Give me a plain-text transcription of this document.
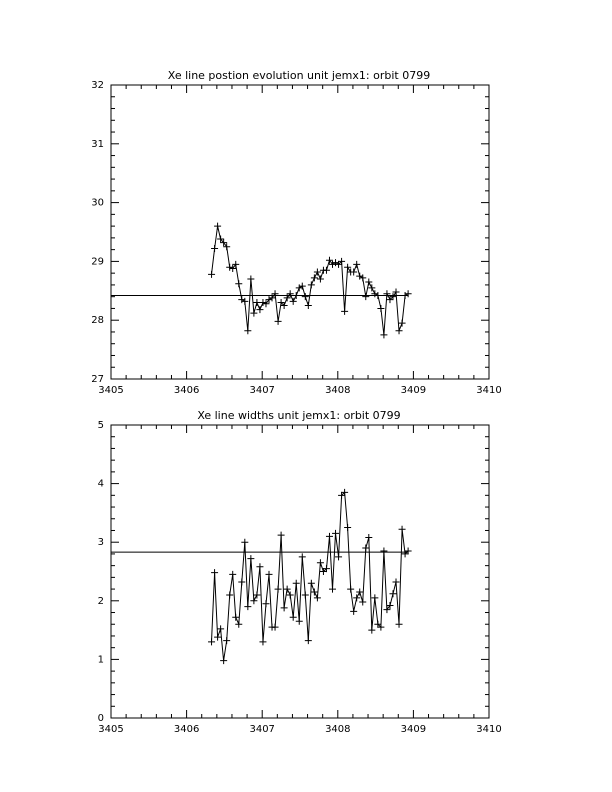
Xe line postion evolution unit jemx1: orbit 0799
3405	3406	3407	3408	3409	3410
27
28
29
30
31
32
Xe line widths unit jemx1: orbit 0799
3405	3406	3407	3408	3409	3410
0
1
2
3
4
5
